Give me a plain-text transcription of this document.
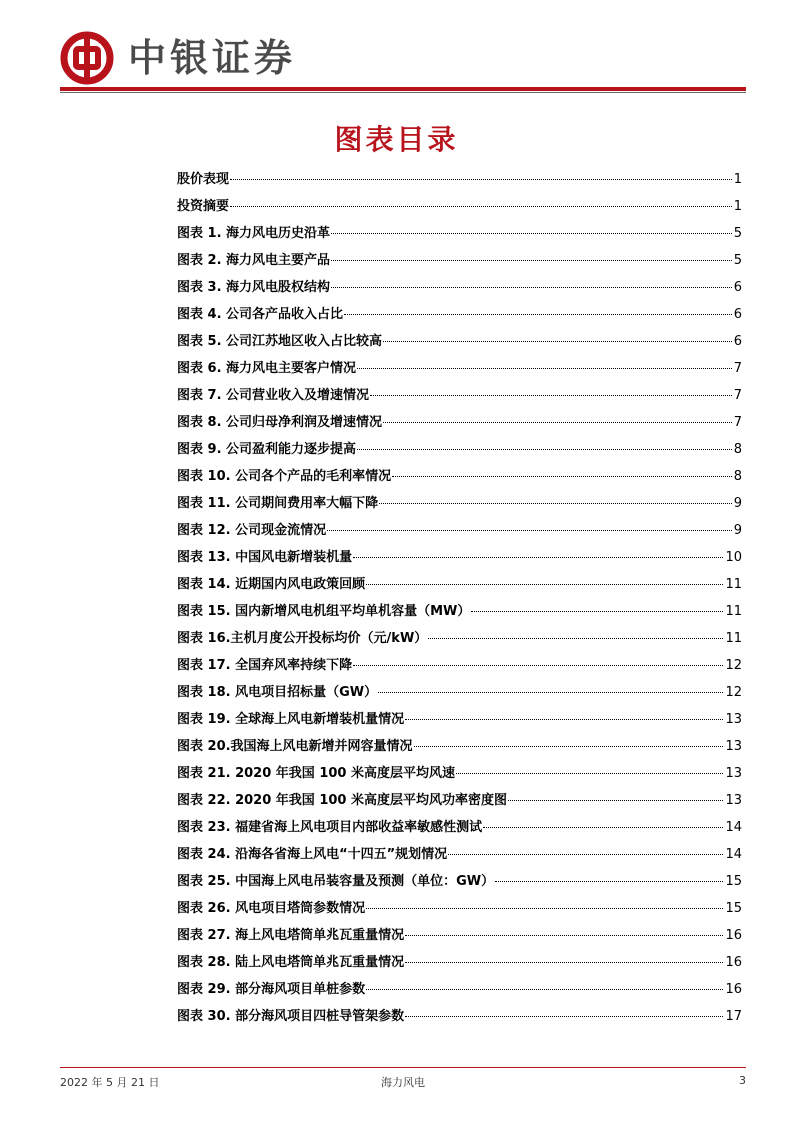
中银证券
图表目录
股价表现	1
投资摘要	1
图表 1. 海力风电历史沿革	5
图表 2. 海力风电主要产品	5
图表 3. 海力风电股权结构	6
图表 4. 公司各产品收入占比	6
图表 5. 公司江苏地区收入占比较高	6
图表 6. 海力风电主要客户情况	7
图表 7. 公司营业收入及增速情况	7
图表 8. 公司归母净利润及增速情况	7
图表 9. 公司盈利能力逐步提高	8
图表 10. 公司各个产品的毛利率情况	8
图表 11. 公司期间费用率大幅下降	9
图表 12. 公司现金流情况	9
图表 13. 中国风电新增装机量	10
图表 14. 近期国内风电政策回顾	11
图表 15. 国内新增风电机组平均单机容量（MW）	11
图表 16.主机月度公开投标均价（元/kW）	11
图表 17. 全国弃风率持续下降	12
图表 18. 风电项目招标量（GW）	12
图表 19. 全球海上风电新增装机量情况	13
图表 20.我国海上风电新增并网容量情况	13
图表 21. 2020 年我国 100 米高度层平均风速	13
图表 22. 2020 年我国 100 米高度层平均风功率密度图	13
图表 23. 福建省海上风电项目内部收益率敏感性测试	14
图表 24. 沿海各省海上风电“十四五”规划情况	14
图表 25. 中国海上风电吊装容量及预测（单位：GW）	15
图表 26. 风电项目塔筒参数情况	15
图表 27. 海上风电塔筒单兆瓦重量情况	16
图表 28. 陆上风电塔筒单兆瓦重量情况	16
图表 29. 部分海风项目单桩参数	16
图表 30. 部分海风项目四桩导管架参数	17
2022 年 5 月 21 日	海力风电	3
